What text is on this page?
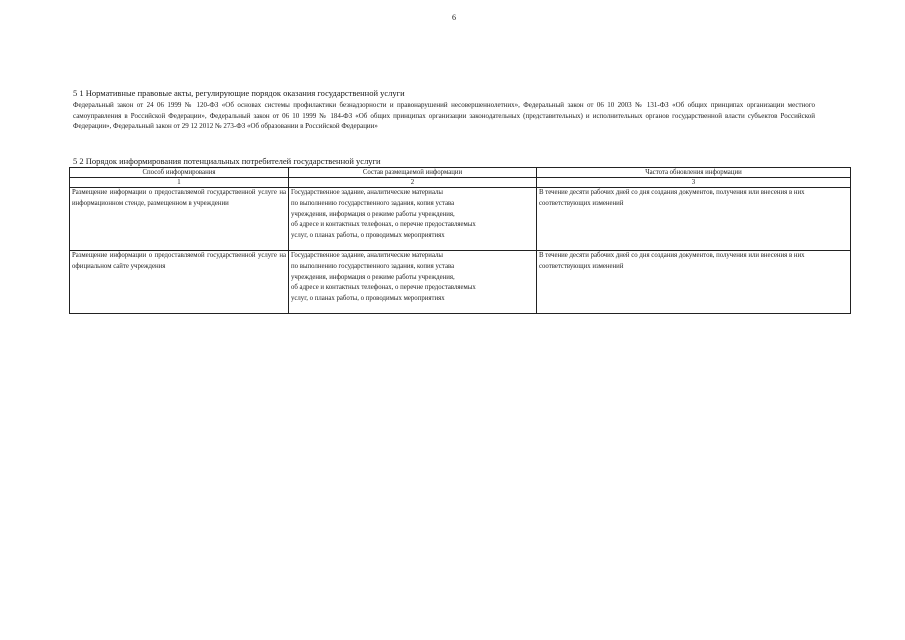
6
5 1 Нормативные правовые акты, регулирующие порядок оказания государственной услуги
Федеральный закон от 24 06 1999 № 120-ФЗ «Об основах системы профилактики безнадзорности и правонарушений несовершеннолетних», Федеральный закон от 06 10 2003 № 131-ФЗ «Об общих принципах организации местного самоуправления в Российской Федерации», Федеральный закон от 06 10 1999 № 184-ФЗ «Об общих принципах организации законодательных (представительных) и исполнительных органов государственной власти субъектов Российской Федерации», Федеральный закон от 29 12 2012 № 273-ФЗ «Об образовании в Российской Федерации»
5 2 Порядок информирования потенциальных потребителей государственной услуги
Способ информирования	Состав размещаемой информации	Частота обновления информации
1	2	3
Размещение информации о предоставляемой государственной услуге на информационном стенде, размещенном в учреждении	Государственное задание, аналитические материалы
по выполнению государственного задания, копия устава
учреждения, информация о режиме работы учреждения,
об адресе и контактных телефонах, о перечне предоставляемых
услуг, о планах работы, о проводимых мероприятиях	В течение десяти рабочих дней со дня создания документов, получения или внесения в них соответствующих изменений
Размещение информации о предоставляемой государственной услуге на официальном сайте учреждения	Государственное задание, аналитические материалы
по выполнению государственного задания, копия устава
учреждения, информация о режиме работы учреждения,
об адресе и контактных телефонах, о перечне предоставляемых
услуг, о планах работы, о проводимых мероприятиях	В течение десяти рабочих дней со дня создания документов, получения или внесения в них соответствующих изменений
